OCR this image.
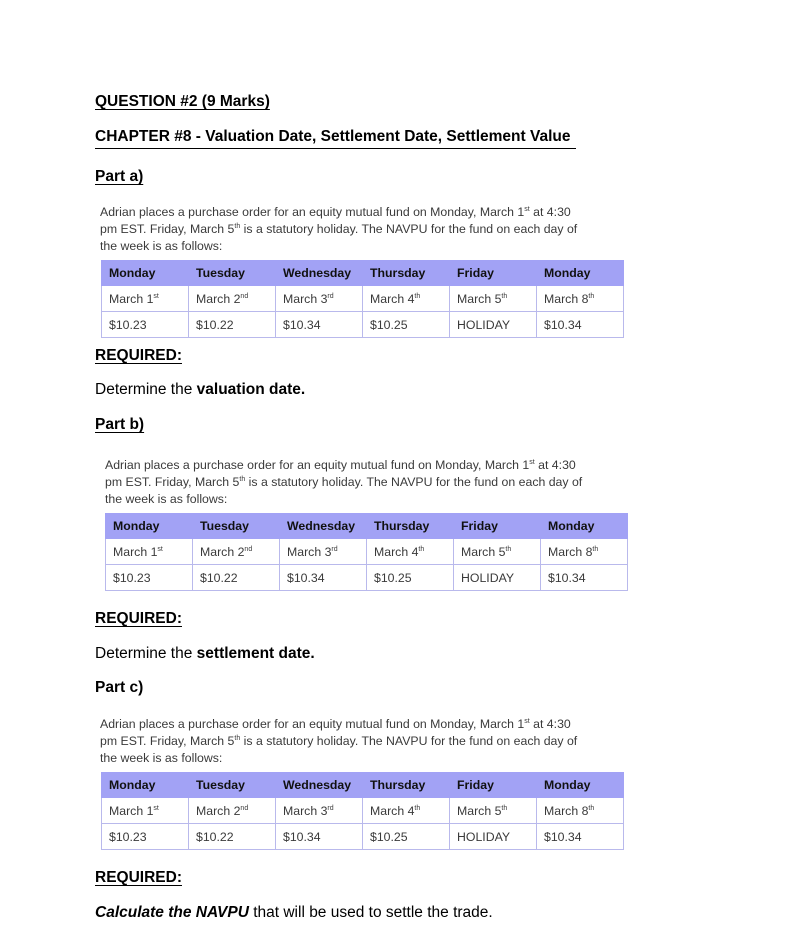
QUESTION #2 (9 Marks)
CHAPTER #8 - Valuation Date, Settlement Date, Settlement Value
Part a)
Adrian places a purchase order for an equity mutual fund on Monday, March 1st at 4:30
pm EST. Friday, March 5th is a statutory holiday. The NAVPU for the fund on each day of
the week is as follows:
Monday	Tuesday	Wednesday	Thursday	Friday	Monday
March 1st	March 2nd	March 3rd	March 4th	March 5th	March 8th
$10.23	$10.22	$10.34	$10.25	HOLIDAY	$10.34
REQUIRED:
Determine the valuation date.
Part b)
Adrian places a purchase order for an equity mutual fund on Monday, March 1st at 4:30
pm EST. Friday, March 5th is a statutory holiday. The NAVPU for the fund on each day of
the week is as follows:
Monday	Tuesday	Wednesday	Thursday	Friday	Monday
March 1st	March 2nd	March 3rd	March 4th	March 5th	March 8th
$10.23	$10.22	$10.34	$10.25	HOLIDAY	$10.34
REQUIRED:
Determine the settlement date.
Part c)
Adrian places a purchase order for an equity mutual fund on Monday, March 1st at 4:30
pm EST. Friday, March 5th is a statutory holiday. The NAVPU for the fund on each day of
the week is as follows:
Monday	Tuesday	Wednesday	Thursday	Friday	Monday
March 1st	March 2nd	March 3rd	March 4th	March 5th	March 8th
$10.23	$10.22	$10.34	$10.25	HOLIDAY	$10.34
REQUIRED:
Calculate the NAVPU that will be used to settle the trade.
